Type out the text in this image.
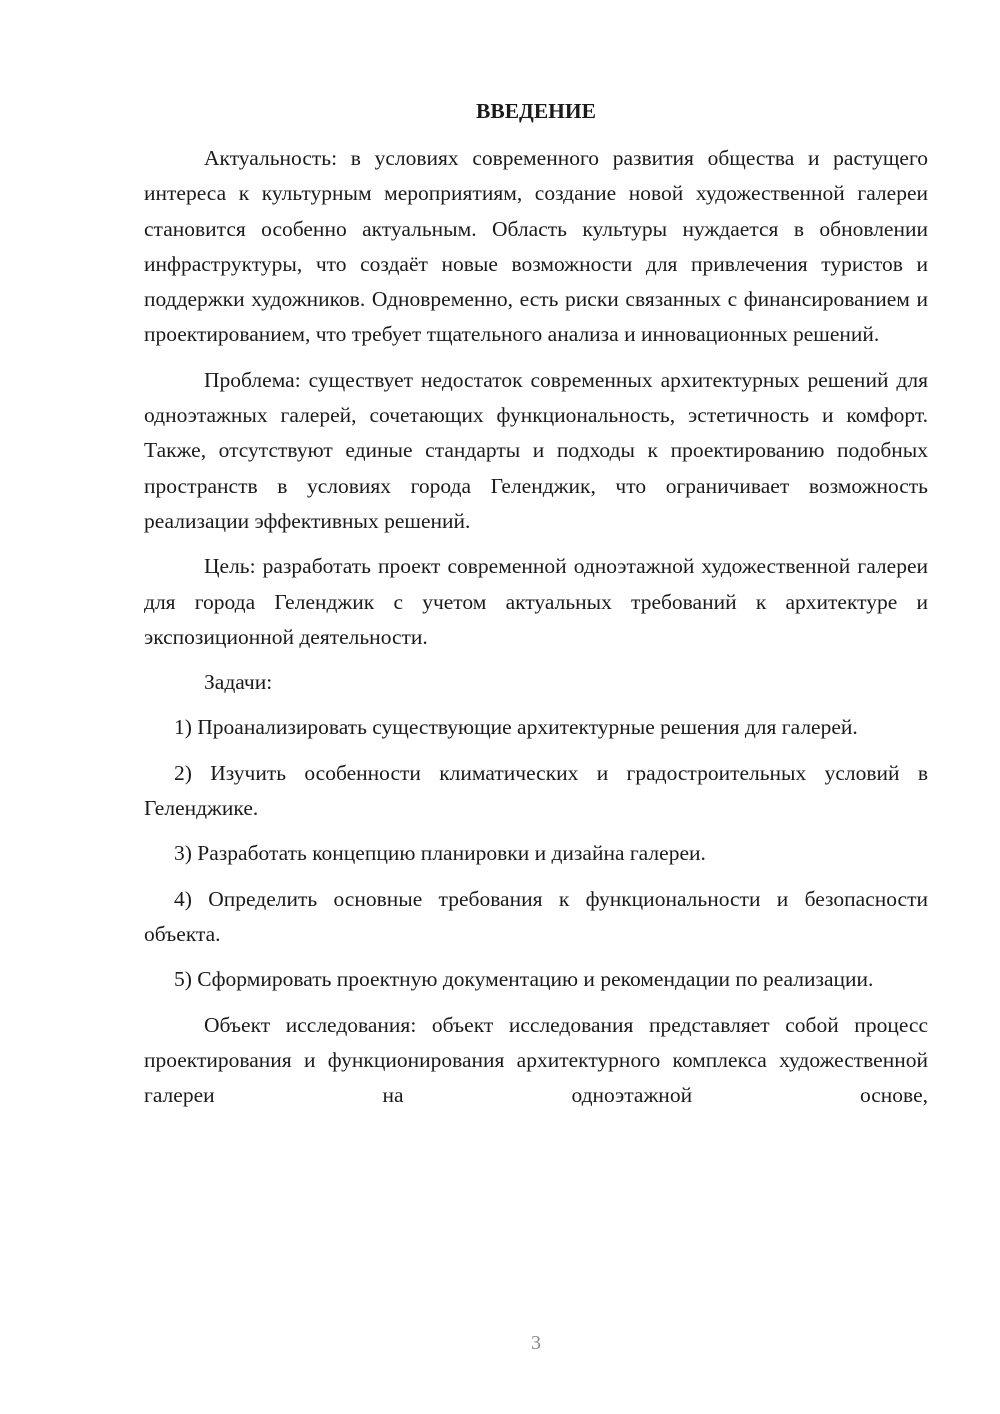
ВВЕДЕНИЕ

Актуальность: в условиях современного развития общества и растущего интереса к культурным мероприятиям, создание новой художественной галереи становится особенно актуальным. Область культуры нуждается в обновлении инфраструктуры, что создаёт новые возможности для привлечения туристов и поддержки художников. Одновременно, есть риски связанных с финансированием и проектированием, что требует тщательного анализа и инновационных решений.

Проблема: существует недостаток современных архитектурных решений для одноэтажных галерей, сочетающих функциональность, эстетичность и комфорт. Также, отсутствуют единые стандарты и подходы к проектированию подобных пространств в условиях города Геленджик, что ограничивает возможность реализации эффективных решений.

Цель: разработать проект современной одноэтажной художественной галереи для города Геленджик с учетом актуальных требований к архитектуре и экспозиционной деятельности.

Задачи:

1) Проанализировать существующие архитектурные решения для галерей.

2) Изучить особенности климатических и градостроительных условий в Геленджике.

3) Разработать концепцию планировки и дизайна галереи.

4) Определить основные требования к функциональности и безопасности объекта.

5) Сформировать проектную документацию и рекомендации по реализации.

Объект исследования: объект исследования представляет собой процесс проектирования и функционирования архитектурного комплекса художественной галереи на одноэтажной основе,

3
